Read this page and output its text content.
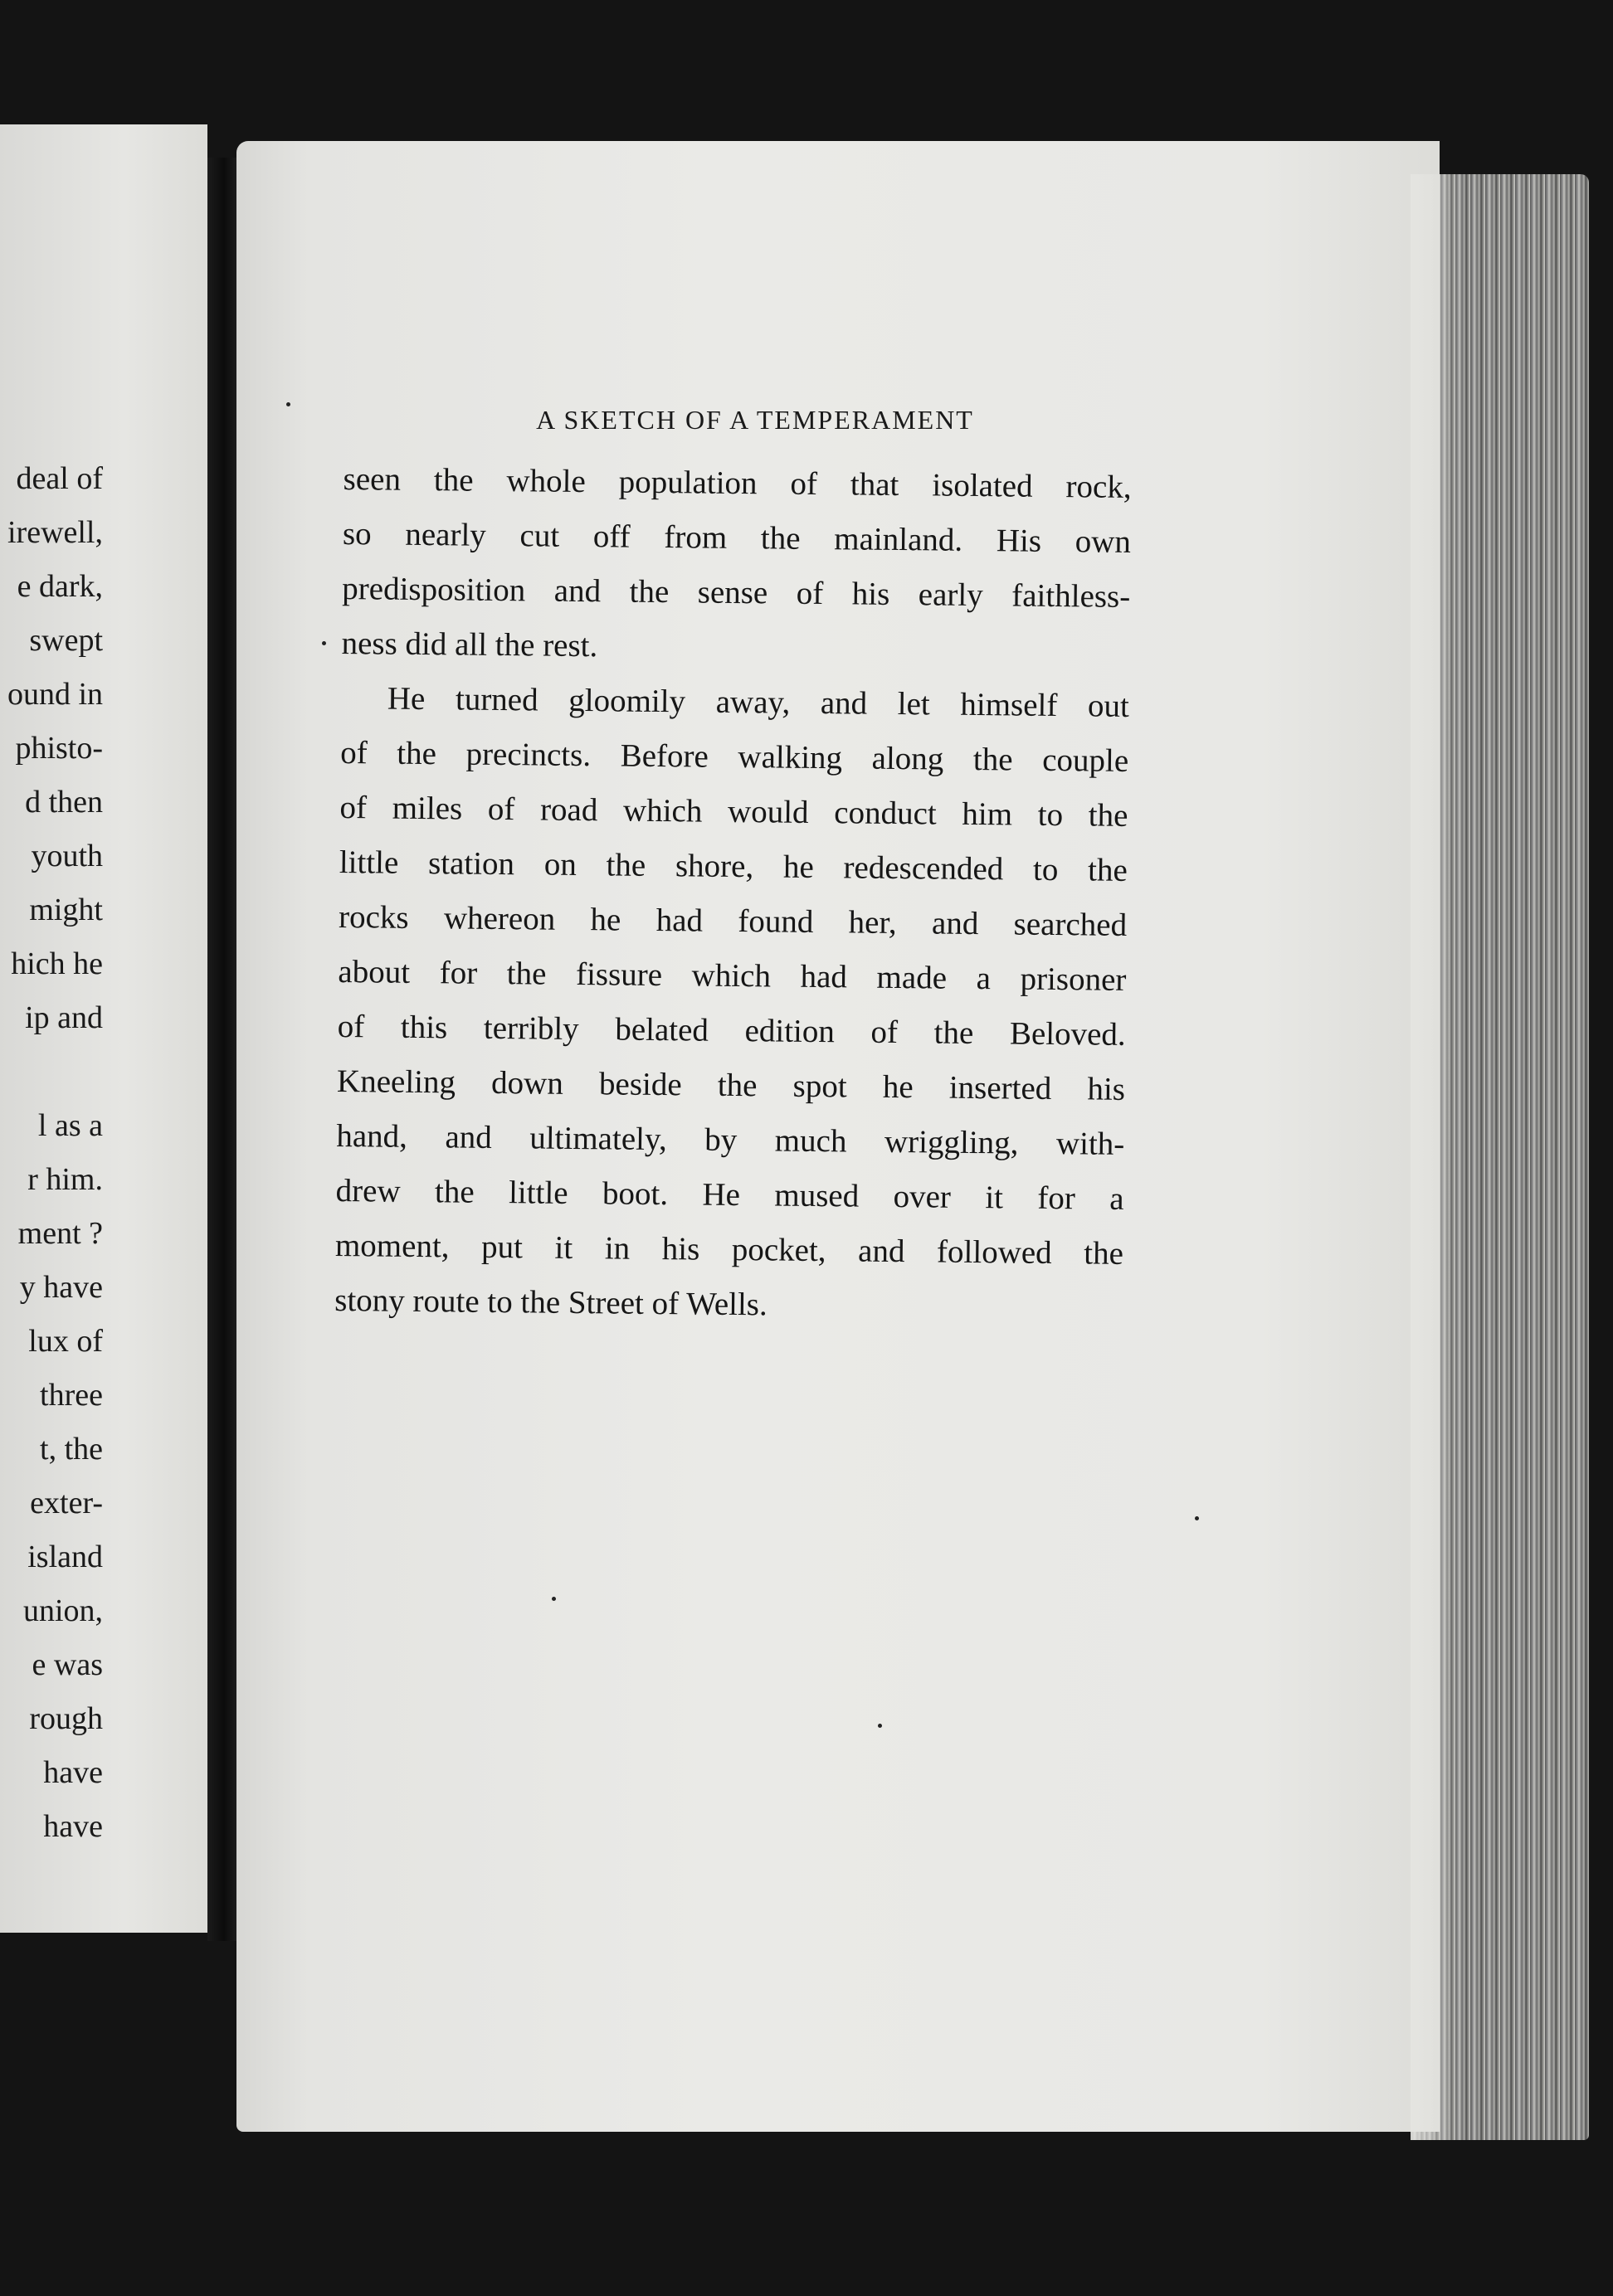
deal of
irewell,
e dark,
swept
ound in
phisto-
d then
youth
might
hich he
ip and
l as a
r him.
ment ?
y have
lux of
three
t, the
exter-
island
union,
e was
rough
have
have
A SKETCH OF A TEMPERAMENT
seen the whole population of that isolated rock,
so nearly cut off from the mainland. His own
predisposition and the sense of his early faithless-
ness did all the rest.
He turned gloomily away, and let himself out
of the precincts. Before walking along the couple
of miles of road which would conduct him to the
little station on the shore, he redescended to the
rocks whereon he had found her, and searched
about for the fissure which had made a prisoner
of this terribly belated edition of the Beloved.
Kneeling down beside the spot he inserted his
hand, and ultimately, by much wriggling, with-
drew the little boot. He mused over it for a
moment, put it in his pocket, and followed the
stony route to the Street of Wells.
